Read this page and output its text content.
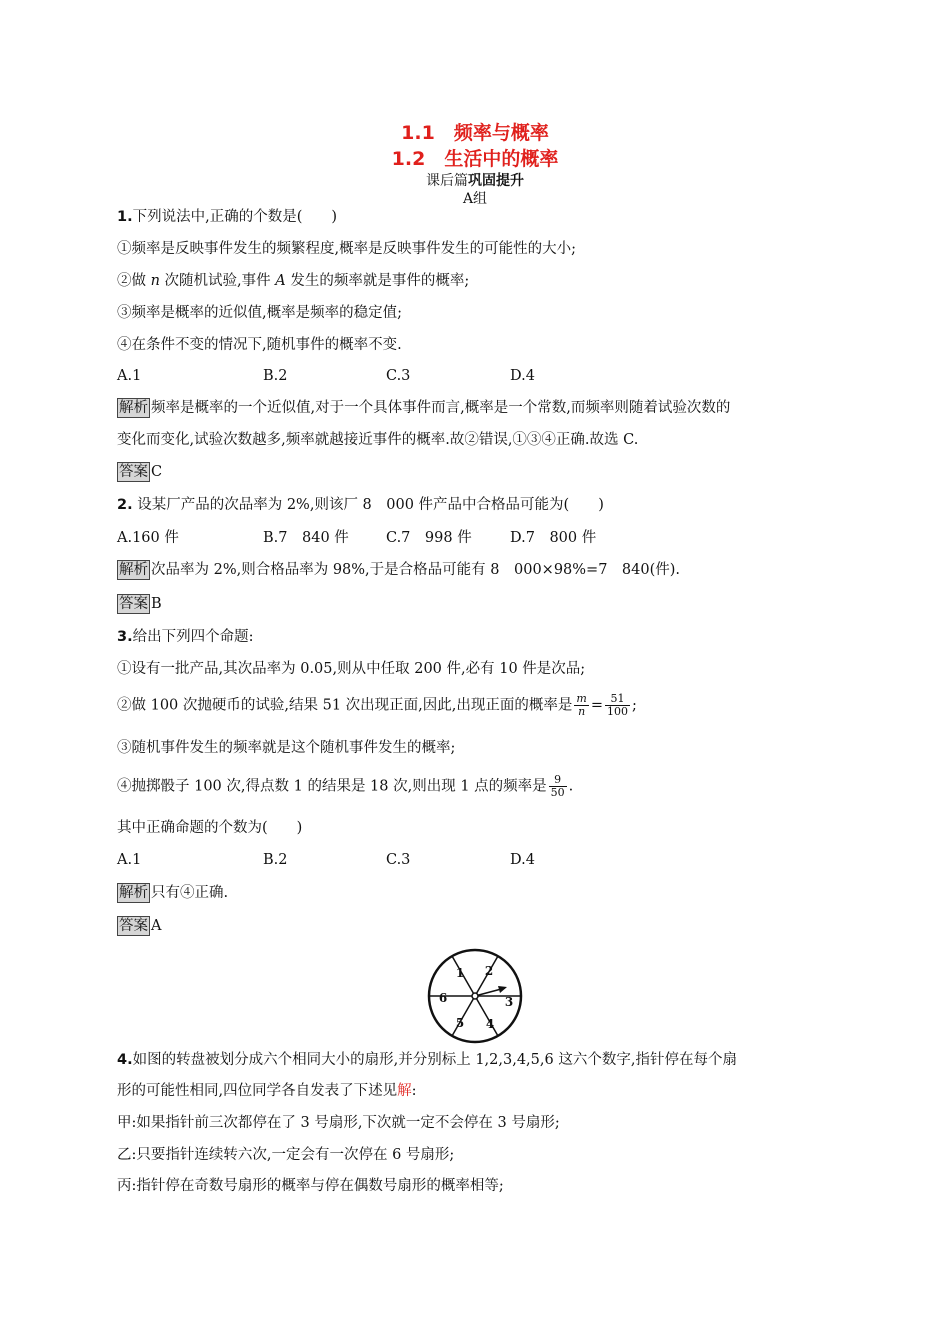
1.1　频率与概率
1.2　生活中的概率
课后篇巩固提升
A组
1.下列说法中,正确的个数是(　　)
①频率是反映事件发生的频繁程度,概率是反映事件发生的可能性的大小;
②做 n 次随机试验,事件 A 发生的频率就是事件的概率;
③频率是概率的近似值,概率是频率的稳定值;
④在条件不变的情况下,随机事件的概率不变.
A.1	B.2	C.3	D.4
解析 频率是概率的一个近似值,对于一个具体事件而言,概率是一个常数,而频率则随着试验次数的
变化而变化,试验次数越多,频率就越接近事件的概率.故②错误,①③④正确.故选 C.
答案 C
2. 设某厂产品的次品率为 2%,则该厂 8　000 件产品中合格品可能为(　　)
A.160 件	B.7　840 件	C.7　998 件	D.7　800 件
解析 次品率为 2%,则合格品率为 98%,于是合格品可能有 8　000×98%=7　840(件).
答案 B
3.给出下列四个命题:
①设有一批产品,其次品率为 0.05,则从中任取 200 件,必有 10 件是次品;
②做 100 次抛硬币的试验,结果 51 次出现正面,因此,出现正面的概率是 $\frac{m}{n} = \frac{51}{100}$ ;
③随机事件发生的频率就是这个随机事件发生的概率;
④抛掷骰子 100 次,得点数 1 的结果是 18 次,则出现 1 点的频率是 $\frac{9}{50}$ .
其中正确命题的个数为(　　)
A.1	B.2	C.3	D.4
解析 只有④正确.
答案 A
1 2
3
4
5
6
4.如图的转盘被划分成六个相同大小的扇形,并分别标上 1,2,3,4,5,6 这六个数字,指针停在每个扇
形的可能性相同,四位同学各自发表了下述见解:
甲:如果指针前三次都停在了 3 号扇形,下次就一定不会停在 3 号扇形;
乙:只要指针连续转六次,一定会有一次停在 6 号扇形;
丙:指针停在奇数号扇形的概率与停在偶数号扇形的概率相等;
